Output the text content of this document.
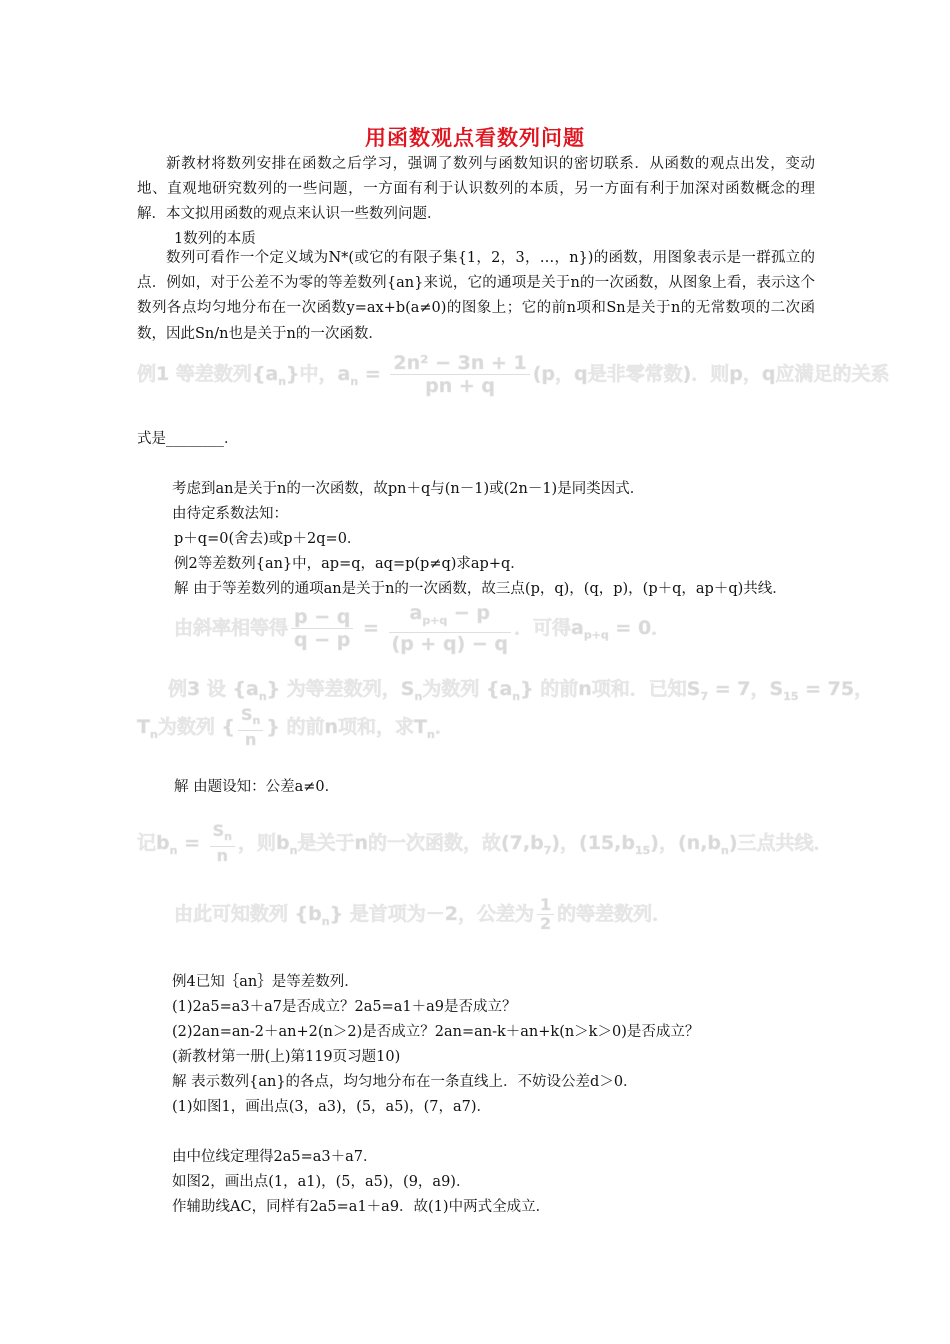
用函数观点看数列问题

新教材将数列安排在函数之后学习，强调了数列与函数知识的密切联系．从函数的观点出发，变动地、直观地研究数列的一些问题，一方面有利于认识数列的本质，另一方面有利于加深对函数概念的理解．本文拟用函数的观点来认识一些数列问题．

1数列的本质

数列可看作一个定义域为N*(或它的有限子集{1，2，3，…，n})的函数，用图象表示是一群孤立的点．例如，对于公差不为零的等差数列{an}来说，它的通项是关于n的一次函数，从图象上看，表示这个数列各点均匀地分布在一次函数y=ax+b(a≠0)的图象上；它的前n项和Sn是关于n的无常数项的二次函数，因此Sn/n也是关于n的一次函数．

例1 等差数列$\{a_n\}$中，$a_n = \frac{\text{2n² − 3n + 1}}{pn + q} (p$，q是非零常数)．则p，q应满足的关系

式是________．

考虑到an是关于n的一次函数，故pn＋q与(n－1)或(2n－1)是同类因式．

由待定系数法知：

p＋q=0(舍去)或p＋2q=0．

例2等差数列{an}中，ap=q，aq=p(p≠q)求ap+q．

解 由于等差数列的通项an是关于n的一次函数，故三点(p，q)，(q，p)，(p＋q，ap＋q)共线．

由斜率相等得 $\frac{p - q}{q - p} = \frac{a_{p+q} - p}{(p + q) - q}$ ．可得$a_{p+q} = 0$．
例3 设 $\{a_n\}$ 为等差数列，$S_n$为数列 $\{a_n\}$ 的前n项和．已知$S_7 = 7$，$S_{15} = 75$，
$T_n$为数列 { $\frac{S_n}{n}$ } 的前n项和，求$T_n$．

解 由题设知：公差a≠0．

记$b_n = \frac{S_n}{n}$ ，则$b_n$是关于n的一次函数，故$(7,b_7)$，$(15,b_{15})$，$(n,b_n)$三点共线．
由此可知数列 $\{b_n\}$ 是首项为－2，公差为 $\frac{1}{2}$ 的等差数列．

例4已知｛an｝是等差数列．

(1)2a5=a3＋a7是否成立？2a5=a1＋a9是否成立？

(2)2an=an-2＋an+2(n＞2)是否成立？2an=an-k＋an+k(n＞k＞0)是否成立？

(新教材第一册(上)第119页习题10)

解 表示数列{an}的各点，均匀地分布在一条直线上．不妨设公差d＞0．

(1)如图1，画出点(3，a3)，(5，a5)，(7，a7)．

由中位线定理得2a5=a3＋a7．

如图2，画出点(1，a1)，(5，a5)，(9，a9)．

作辅助线AC，同样有2a5=a1＋a9．故(1)中两式全成立．
